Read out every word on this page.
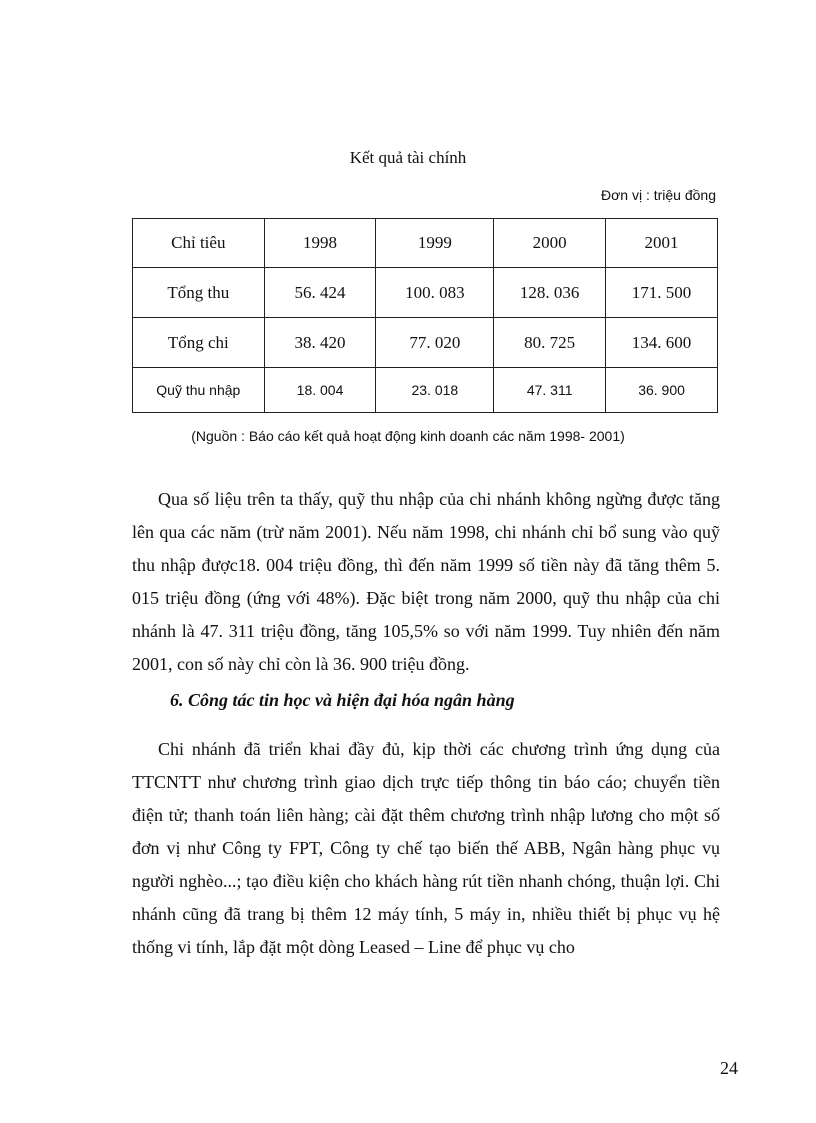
Kết quả tài chính
Đơn vị : triệu đồng
Chỉ tiêu	1998	1999	2000	2001
Tổng thu	56. 424	100. 083	128. 036	171. 500
Tổng chi	38. 420	77. 020	80. 725	134. 600
Quỹ thu nhập	18. 004	23. 018	47. 311	36. 900
(Nguồn : Báo cáo kết quả hoạt động kinh doanh các năm 1998- 2001)

Qua số liệu trên ta thấy, quỹ thu nhập của chi nhánh không ngừng được tăng lên qua các năm (trừ năm 2001). Nếu năm 1998, chi nhánh chỉ bổ sung vào quỹ thu nhập được18. 004 triệu đồng, thì đến năm 1999 số tiền này đã tăng thêm 5. 015 triệu đồng (ứng với 48%). Đặc biệt trong năm 2000, quỹ thu nhập của chi nhánh là 47. 311 triệu đồng, tăng 105,5% so với năm 1999. Tuy nhiên đến năm 2001, con số này chỉ còn là 36. 900 triệu đồng.

6. Công tác tin học và hiện đại hóa ngân hàng

Chi nhánh đã triển khai đầy đủ, kịp thời các chương trình ứng dụng của TTCNTT như chương trình giao dịch trực tiếp thông tin báo cáo; chuyển tiền điện tử; thanh toán liên hàng; cài đặt thêm chương trình nhập lương cho một số đơn vị như Công ty FPT, Công ty chế tạo biến thế ABB, Ngân hàng phục vụ người nghèo...; tạo điều kiện cho khách hàng rút tiền nhanh chóng, thuận lợi. Chi nhánh cũng đã trang bị thêm 12 máy tính, 5 máy in, nhiều thiết bị phục vụ hệ thống vi tính, lắp đặt một dòng Leased – Line để phục vụ cho

24
